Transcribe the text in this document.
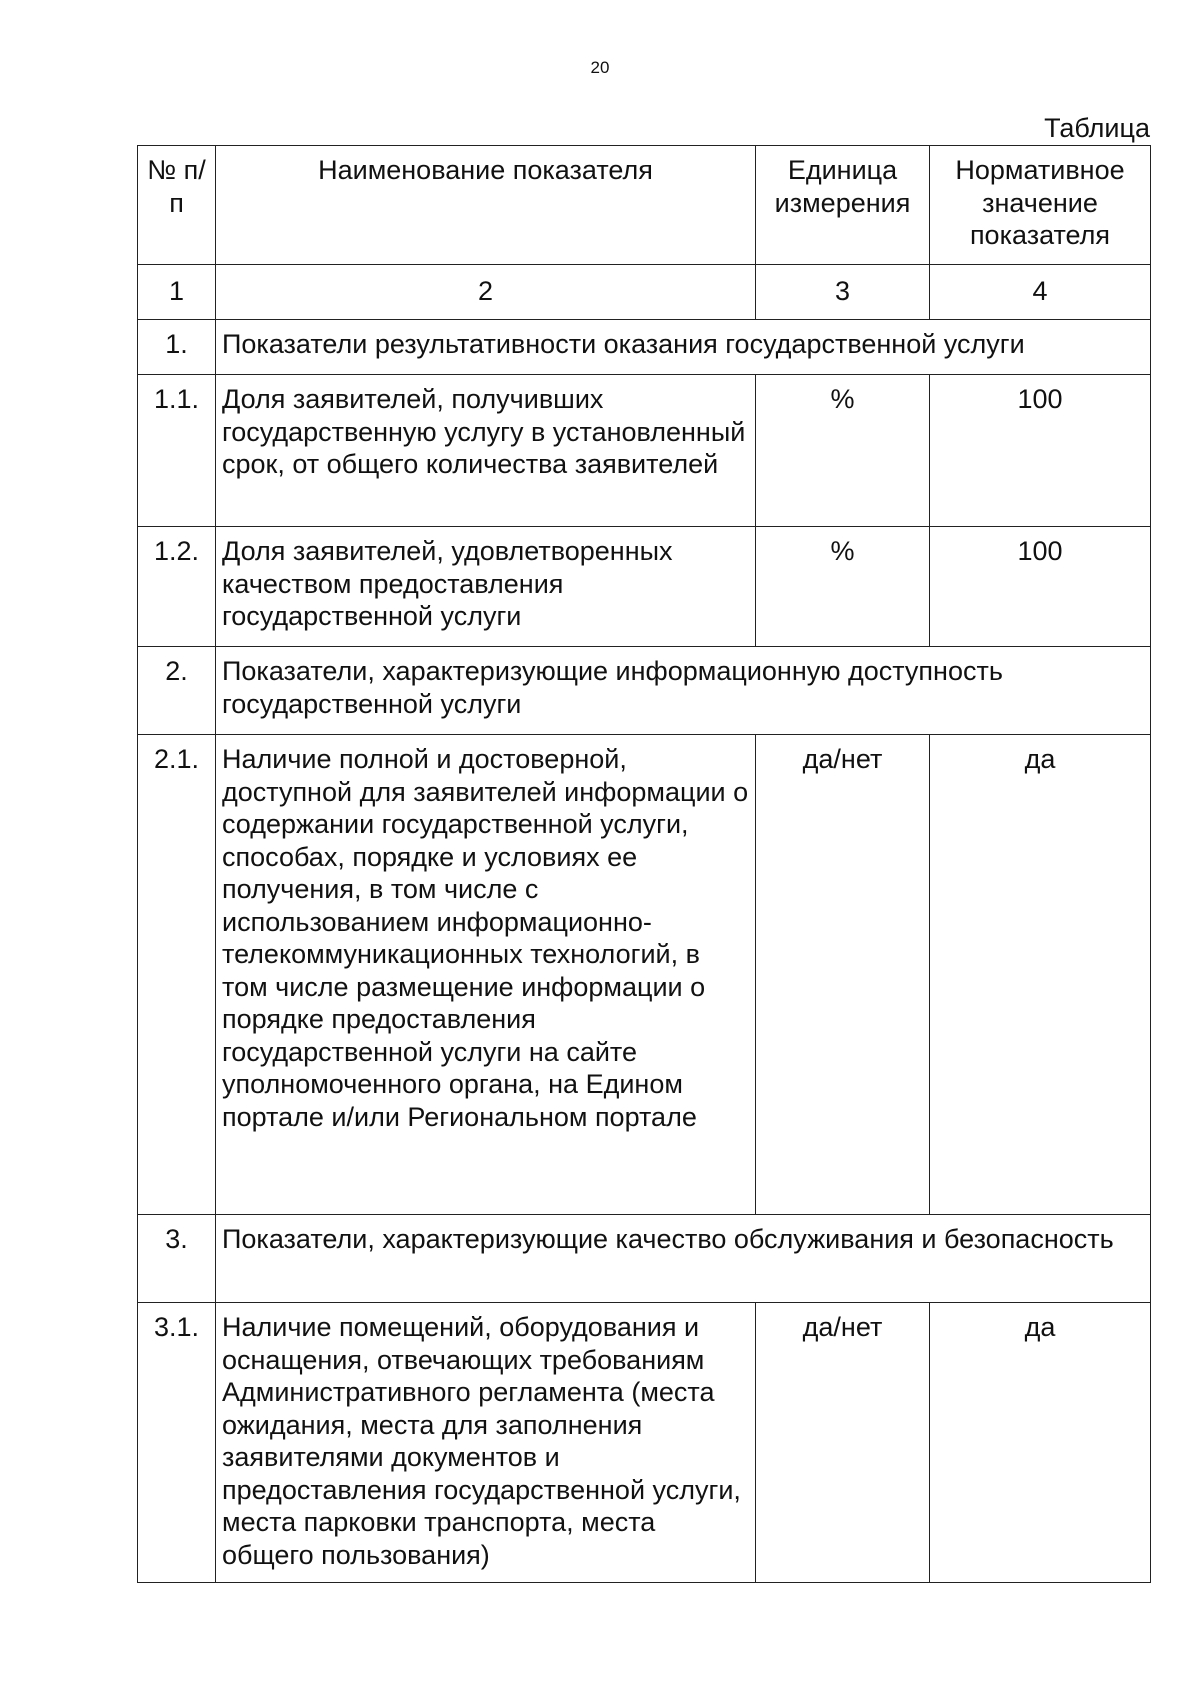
20
Таблица
№ п/п	Наименование показателя	Единица измерения	Нормативное значение показателя
1	2	3	4
1.	Показатели результативности оказания государственной услуги		
1.1.	Доля заявителей, получивших государственную услугу в установленный срок, от общего количества заявителей	%	100
1.2.	Доля заявителей, удовлетворенных качеством предоставления государственной услуги	%	100
2.	Показатели, характеризующие информационную доступность государственной услуги		
2.1.	Наличие полной и достоверной, доступной для заявителей информации о содержании государственной услуги, способах, порядке и условиях ее получения, в том числе с использованием информационно-телекоммуникационных технологий, в том числе размещение информации о порядке предоставления государственной услуги на сайте уполномоченного органа, на Едином портале и/или Региональном портале	да/нет	да
3.	Показатели, характеризующие качество обслуживания и безопасность		
3.1.	Наличие помещений, оборудования и оснащения, отвечающих требованиям Административного регламента (места ожидания, места для заполнения заявителями документов и предоставления государственной услуги, места парковки транспорта, места общего пользования)	да/нет	да
